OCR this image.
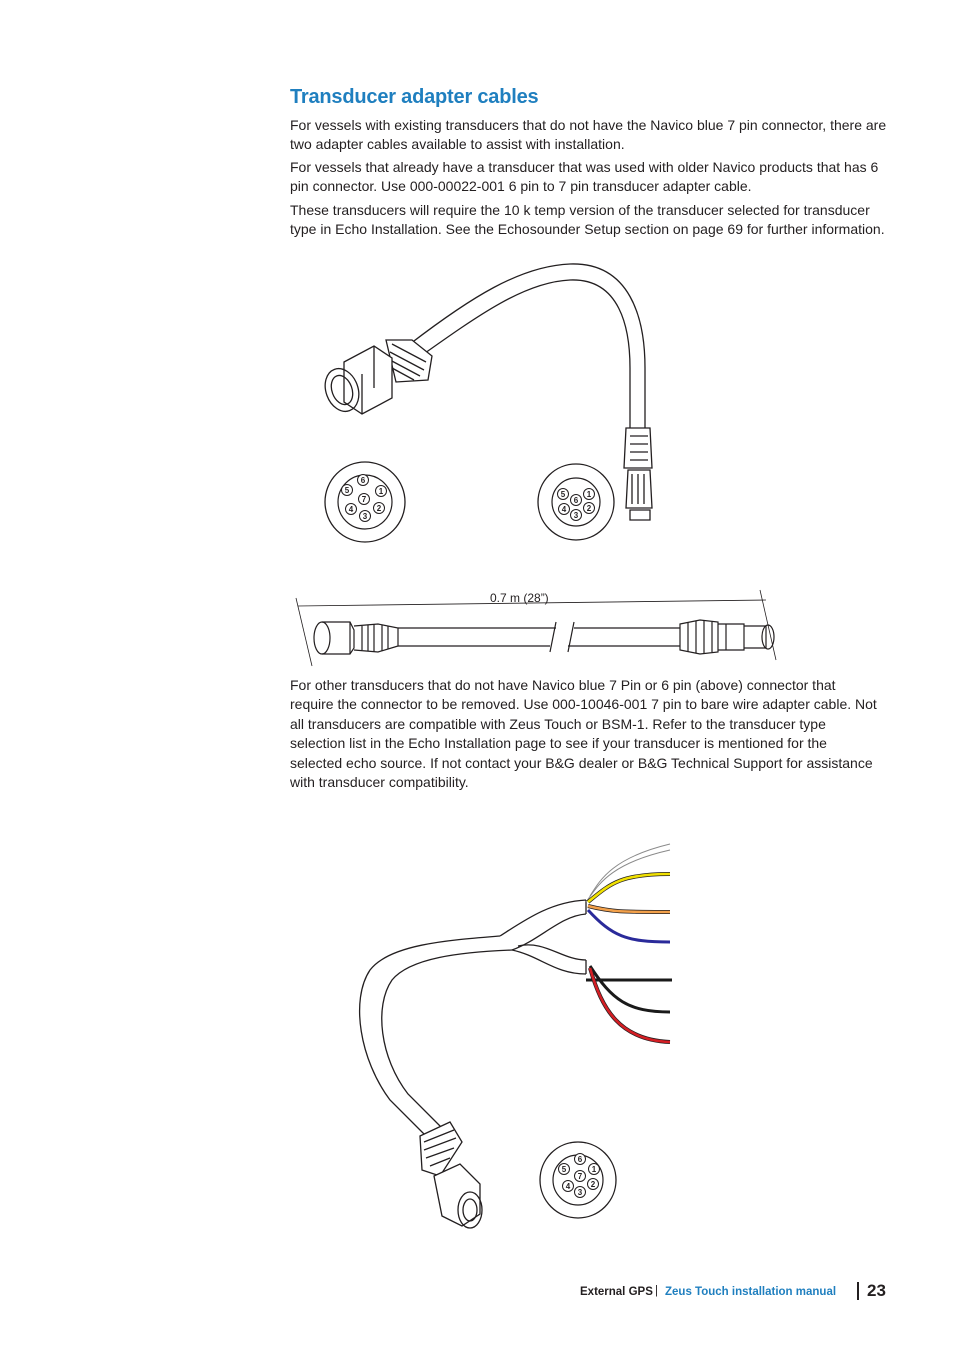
Transducer adapter cables

For vessels with existing transducers that do not have the Navico blue 7 pin connector, there are two adapter cables available to assist with installation.

For vessels that already have a transducer that was used with older Navico products that has 6 pin connector. Use 000-00022-001 6 pin to 7 pin transducer adapter cable.

These transducers will require the 10 k temp version of the transducer selected for transducer type in Echo Installation. See the Echosounder Setup section on page 69 for further information.

For other transducers that do not have Navico blue 7 Pin or 6 pin (above) connector that require the connector to be removed. Use 000-10046-001 7 pin to bare wire adapter cable. Not all transducers are compatible with Zeus Touch or BSM-1. Refer to the transducer type selection list in the Echo Installation page to see if your transducer is mentioned for the selected echo source. If not contact your B&G dealer or B&G Technical Support for assistance with transducer compatibility.

6
5
7
1
4	2
3
5
6
1
4	2
3
0.7 m (28”)
6
5
7
1
4	2
3
External GPS | Zeus Touch installation manual 23
